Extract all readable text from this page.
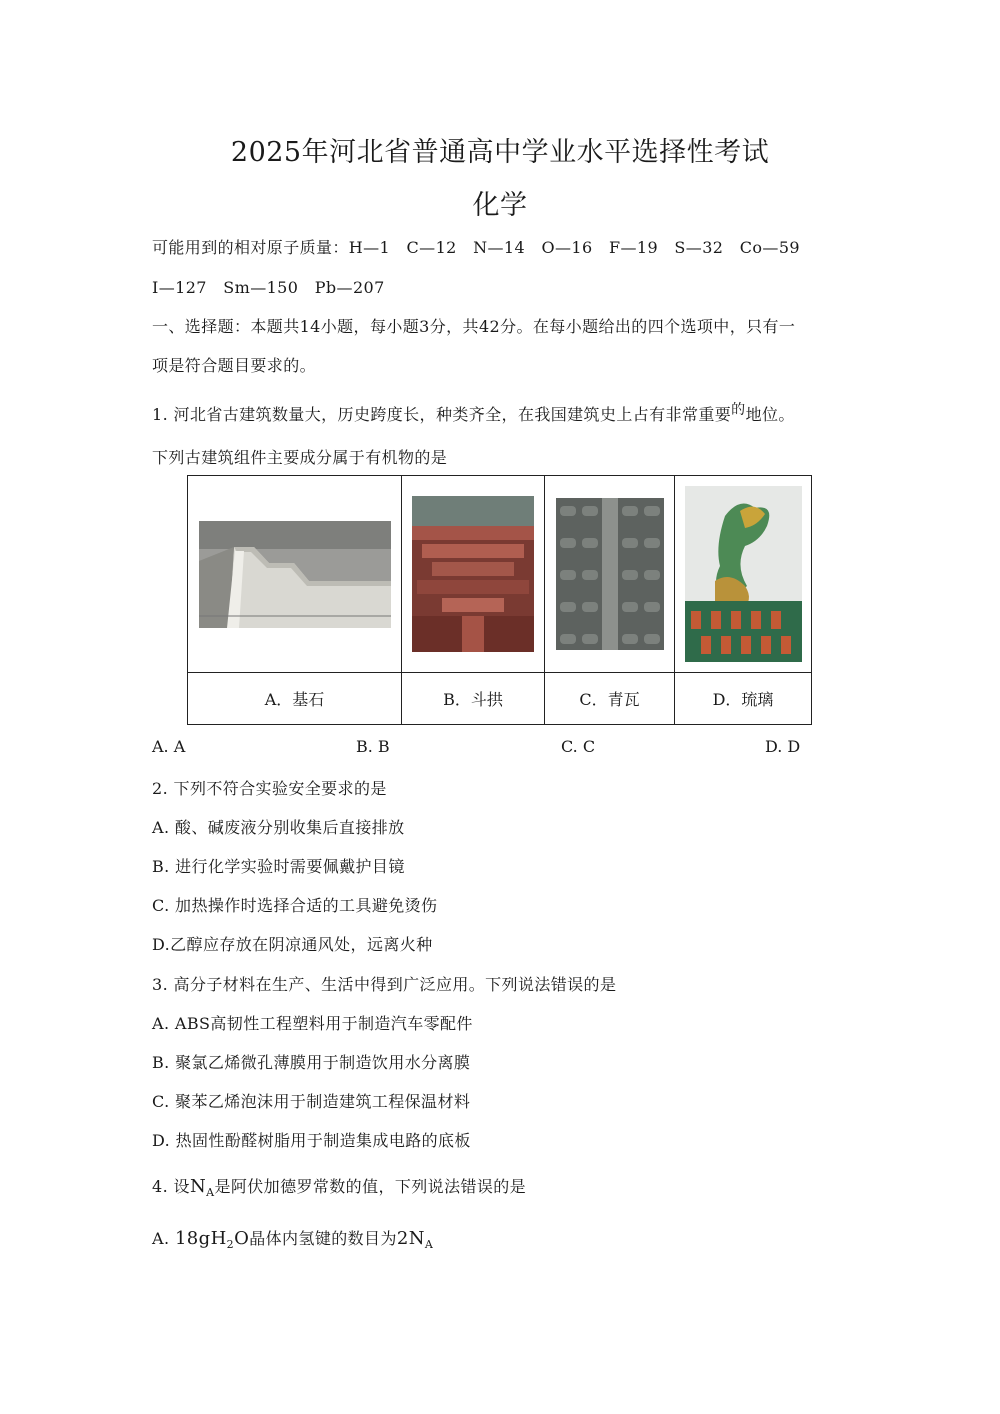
2025年河北省普通高中学业水平选择性考试
化学
可能用到的相对原子质量：H—1　C—12　N—14　O—16　F—19　S—32　Co—59
I—127　Sm—150　Pb—207
一、选择题：本题共14小题，每小题3分，共42分。在每小题给出的四个选项中，只有一
项是符合题目要求的。
1. 河北省古建筑数量大，历史跨度长，种类齐全，在我国建筑史上占有非常重要的地位。
下列古建筑组件主要成分属于有机物的是

A．基石	B．斗拱	C．青瓦	D．琉璃
A. A	B. B	C. C	D. D
2. 下列不符合实验安全要求的是
A. 酸、碱废液分别收集后直接排放
B. 进行化学实验时需要佩戴护目镜
C. 加热操作时选择合适的工具避免烫伤
D.乙醇应存放在阴凉通风处，远离火种
3. 高分子材料在生产、生活中得到广泛应用。下列说法错误的是
A. ABS高韧性工程塑料用于制造汽车零配件
B. 聚氯乙烯微孔薄膜用于制造饮用水分离膜
C. 聚苯乙烯泡沫用于制造建筑工程保温材料
D. 热固性酚醛树脂用于制造集成电路的底板
4. 设$N_A$是阿伏加德罗常数的值，下列说法错误的是
A. $18gH_2O$晶体内氢键的数目为$2N_A$
